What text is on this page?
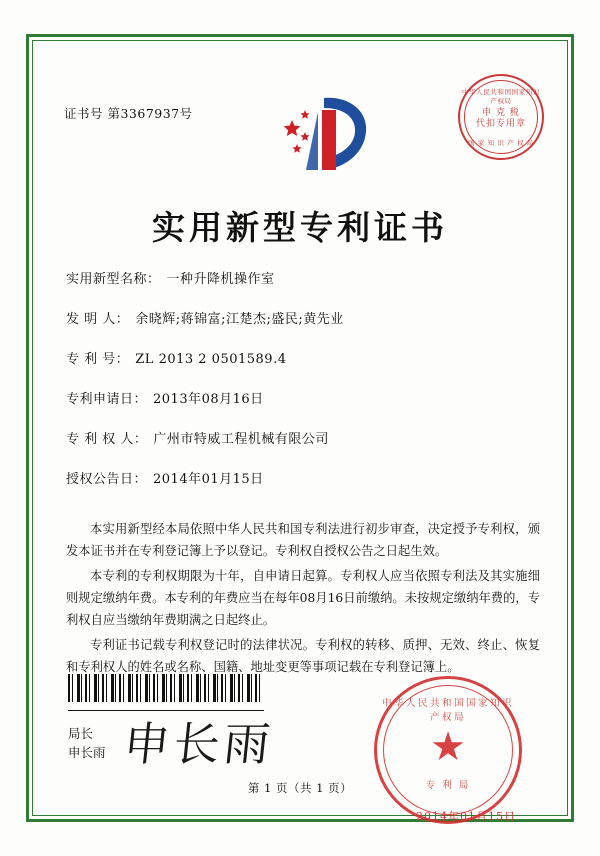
证书号 第3367937号
中华人民共和国国家知识产权局
申 克 税
代扣专用章
国 家 知 识 产 权 局
实用新型专利证书
实用新型名称： 一种升降机操作室
发 明 人： 余晓辉;蒋锦富;江楚杰;盛民;黄先业
专 利 号： ZL 2013 2 0501589.4
专利申请日： 2013年08月16日
专 利 权 人： 广州市特威工程机械有限公司
授权公告日： 2014年01月15日

本实用新型经本局依照中华人民共和国专利法进行初步审查，决定授予专利权，颁发本证书并在专利登记簿上予以登记。专利权自授权公告之日起生效。

本专利的专利权期限为十年，自申请日起算。专利权人应当依照专利法及其实施细则规定缴纳年费。本专利的年费应当在每年08月16日前缴纳。未按规定缴纳年费的，专利权自应当缴纳年费期满之日起终止。

专利证书记载专利权登记时的法律状况。专利权的转移、质押、无效、终止、恢复和专利权人的姓名或名称、国籍、地址变更等事项记载在专利登记簿上。

局长
申长雨 申长雨
中华人民共和国国家知识产权局
★
专 利 局
2014年01月15日
第 1 页（共 1 页）
